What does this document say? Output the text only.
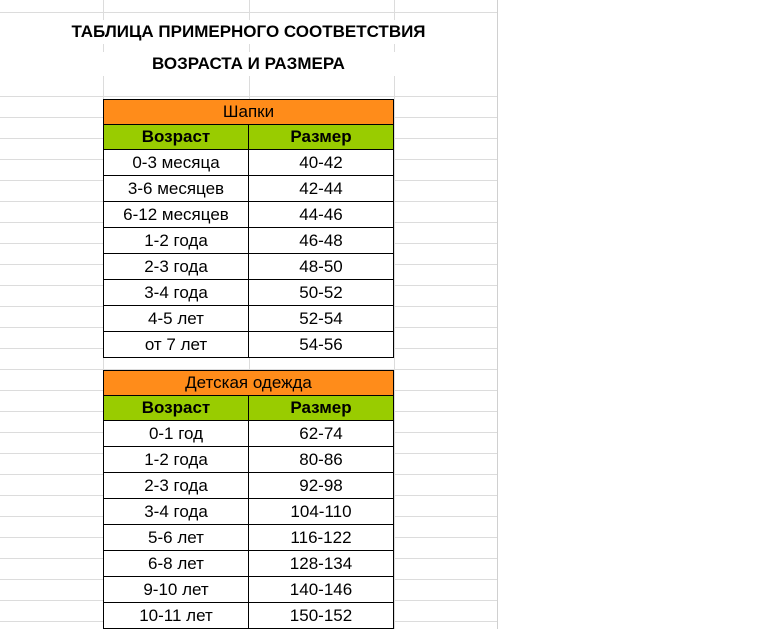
ТАБЛИЦА ПРИМЕРНОГО СООТВЕТСТВИЯ
ВОЗРАСТА И РАЗМЕРА
Шапки	
Возраст	Размер
0-3 месяца	40-42
3-6 месяцев	42-44
6-12 месяцев	44-46
1-2 года	46-48
2-3 года	48-50
3-4 года	50-52
4-5 лет	52-54
от 7 лет	54-56
Детская одежда	
Возраст	Размер
0-1 год	62-74
1-2 года	80-86
2-3 года	92-98
3-4 года	104-110
5-6 лет	116-122
6-8 лет	128-134
9-10 лет	140-146
10-11 лет	150-152
